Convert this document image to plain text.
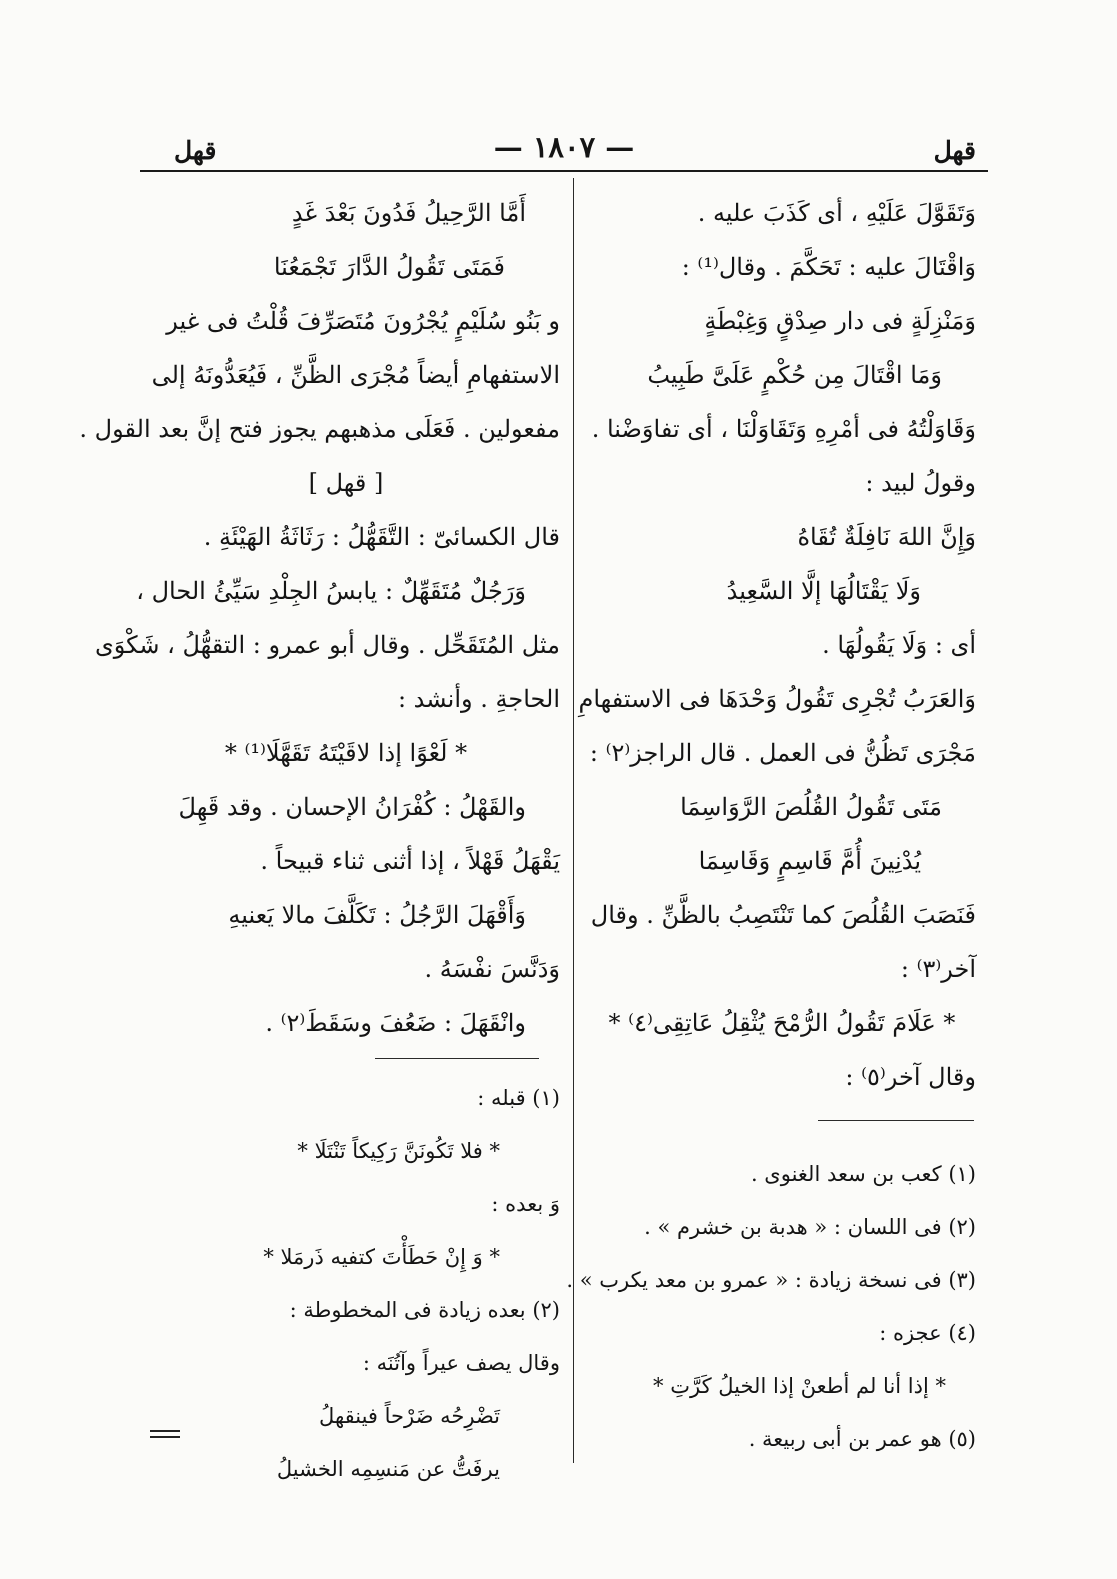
قهل
— ١٨٠٧ —
قهل
وَتَقَوَّلَ عَلَيْهِ ، أى كَذَبَ عليه .
وَاقْتَالَ عليه : تَحَكَّمَ . وقال⁽¹⁾ :
وَمَنْزِلَةٍ فى دار صِدْقٍ وَغِبْطَةٍ
وَمَا اقْتَالَ مِن حُكْمٍ عَلَىَّ طَبِيبُ
وَقَاوَلْتُهُ فى أمْرِهِ وَتَقَاوَلْنَا ، أى تفاوَضْنا .
وقولُ لبيد :
وَإِنَّ اللهَ نَافِلَةٌ تُقَاهُ
وَلَا يَقْتَالُهَا إلَّا السَّعِيدُ
أى : وَلَا يَقُولُهَا .
وَالعَرَبُ تُجْرِى تَقُولُ وَحْدَهَا فى الاستفهامِ
مَجْرَى تَظُنُّ فى العمل . قال الراجز⁽٢⁾ :
مَتَى تَقُولُ القُلُصَ الرَّوَاسِمَا
يُدْنِينَ أُمَّ قَاسِمٍ وَقَاسِمَا
فَنَصَبَ القُلُصَ كما تَنْتَصِبُ بالظَّنِّ . وقال
آخر⁽٣⁾ :
* عَلَامَ تَقُولُ الرُّمْحَ يُثْقِلُ عَاتِقِى⁽٤⁾ *
وقال آخر⁽٥⁾ :
أَمَّا الرَّحِيلُ فَدُونَ بَعْدَ غَدٍ
فَمَتَى تَقُولُ الدَّارَ تَجْمَعُنَا
و بَنُو سُلَيْمٍ يُجْرُونَ مُتَصَرِّفَ قُلْتُ فى غير
الاستفهامِ أيضاً مُجْرَى الظَّنِّ ، فَيُعَدُّونَهُ إلى
مفعولين . فَعَلَى مذهبهم يجوز فتح إنَّ بعد القول .
[ قهل ]
قال الكسائىّ : التَّقَهُّلُ : رَثَاثَةُ الهَيْئَةِ .
وَرَجُلٌ مُتَقَهِّلٌ : يابسُ الجِلْدِ سَيِّئُ الحال ،
مثل المُتَقَحِّل . وقال أبو عمرو : التقهُّلُ ، شَكْوَى
الحاجةِ . وأنشد :
* لَعْوًا إذا لاقَيْتَهُ تَقَهَّلَا⁽¹⁾ *
والقَهْلُ : كُفْرَانُ الإحسان . وقد قَهِلَ
يَقْهَلُ قَهْلاً ، إذا أثنى ثناء قبيحاً .
وَأَقْهَلَ الرَّجُلُ : تَكَلَّفَ مالا يَعنيهِ
وَدَنَّسَ نفْسَهُ .
وانْقَهَلَ : ضَعُفَ وسَقَطَ⁽٢⁾ .
(١) كعب بن سعد الغنوى .
(٢) فى اللسان : « هدبة بن خشرم » .
(٣) فى نسخة زيادة : « عمرو بن معد يكرب » .
(٤) عجزه :
* إذا أنا لم أطعنْ إذا الخيلُ كَرَّتِ *
(٥) هو عمر بن أبى ربيعة .
(١) قبله :
* فلا تَكُونَنَّ رَكِيكاً تَنْتَلَا *
وَ بعده :
* وَ إِنْ حَطَأْتَ كتفيه ذَرمَلا *
(٢) بعده زيادة فى المخطوطة :
وقال يصف عيراً وآتُنَه :
تَضْرِحُه ضَرْحاً فينقهلُ
يرفَتُّ عن مَنسِمِه الخشيلُ
